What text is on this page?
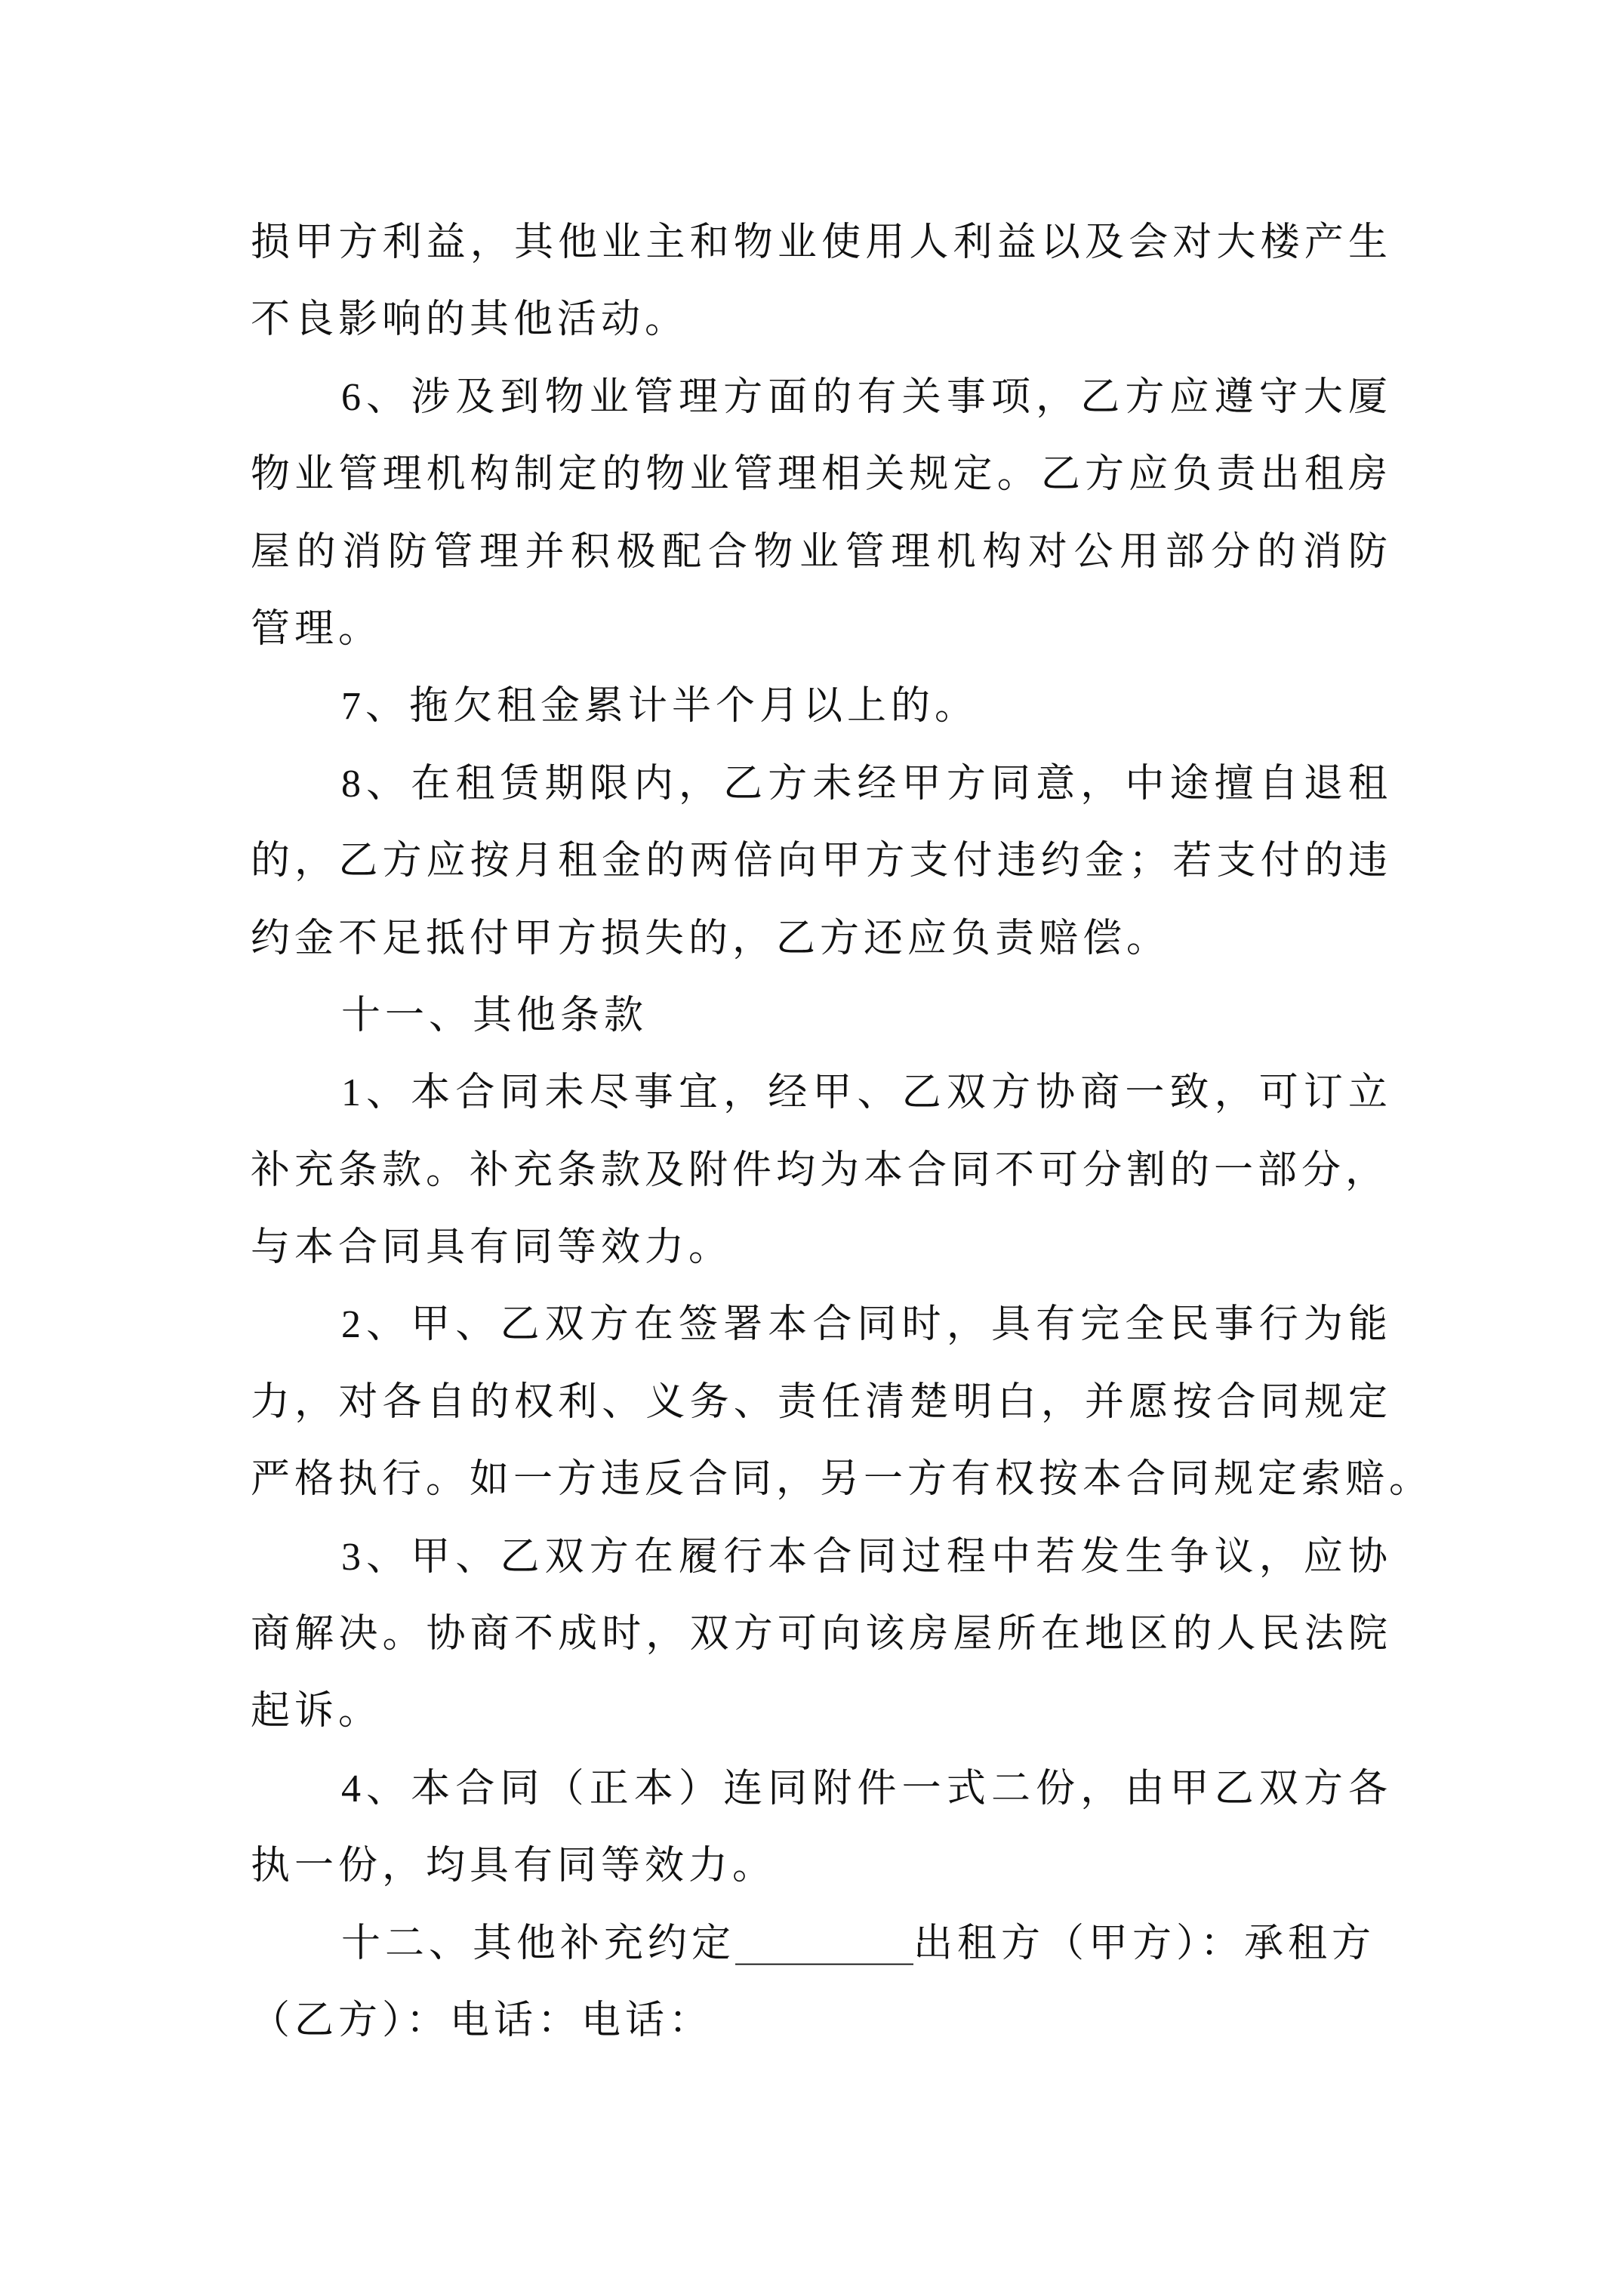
损甲方利益，其他业主和物业使用人利益以及会对大楼产生
不良影响的其他活动。
6、涉及到物业管理方面的有关事项，乙方应遵守大厦
物业管理机构制定的物业管理相关规定。乙方应负责出租房
屋的消防管理并积极配合物业管理机构对公用部分的消防
管理。
7、拖欠租金累计半个月以上的。
8、在租赁期限内，乙方未经甲方同意，中途擅自退租
的，乙方应按月租金的两倍向甲方支付违约金；若支付的违
约金不足抵付甲方损失的，乙方还应负责赔偿。
十一、其他条款
1、本合同未尽事宜，经甲、乙双方协商一致，可订立
补充条款。补充条款及附件均为本合同不可分割的一部分，
与本合同具有同等效力。
2、甲、乙双方在签署本合同时，具有完全民事行为能
力，对各自的权利、义务、责任清楚明白，并愿按合同规定
严格执行。如一方违反合同，另一方有权按本合同规定索赔。
3、甲、乙双方在履行本合同过程中若发生争议，应协
商解决。协商不成时，双方可向该房屋所在地区的人民法院
起诉。
4、本合同（正本）连同附件一式二份，由甲乙双方各
执一份，均具有同等效力。
十二、其他补充约定________出租方（甲方）：承租方
（乙方）：电话：电话：
